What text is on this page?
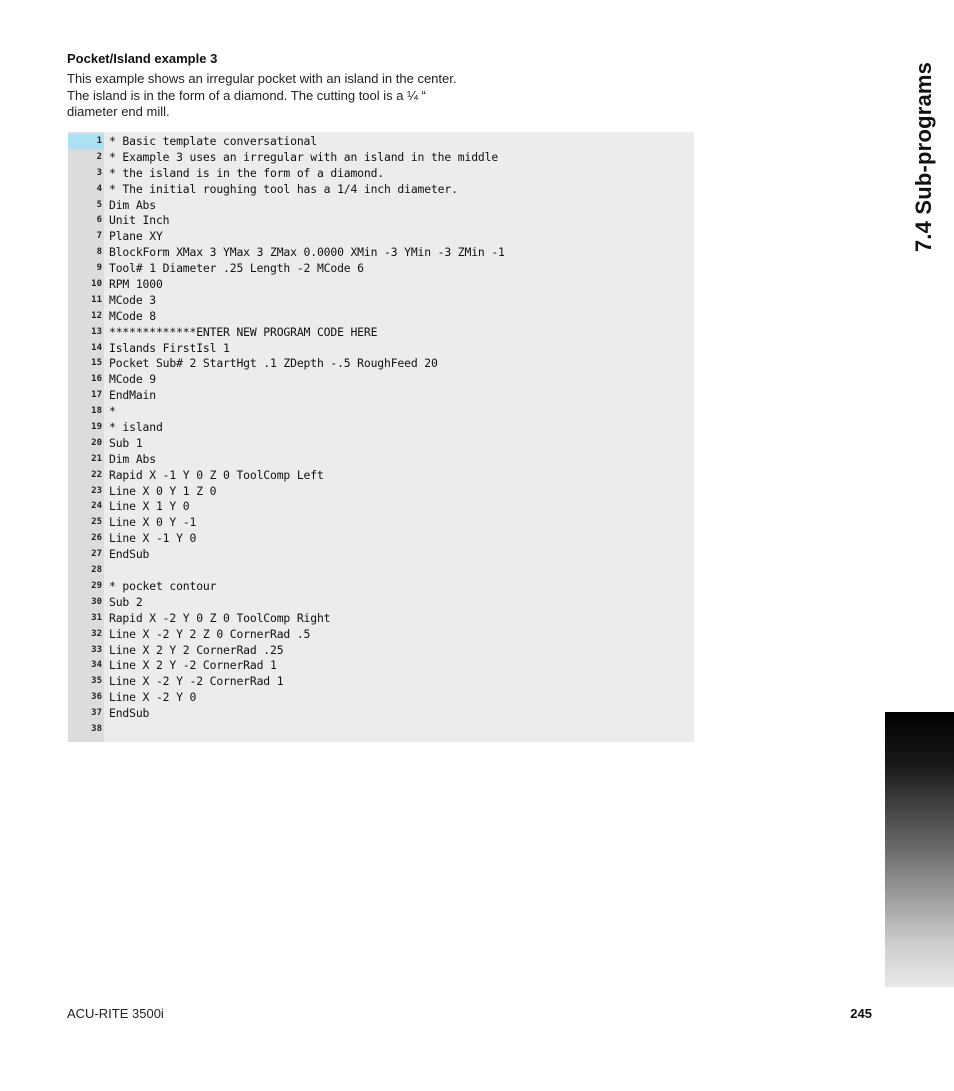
Pocket/Island example 3
This example shows an irregular pocket with an island in the center.
The island is in the form of a diamond. The cutting tool is a ¼ “
diameter end mill.
1 * Basic template conversational
2 * Example 3 uses an irregular with an island in the middle
3 * the island is in the form of a diamond.
4 * The initial roughing tool has a 1/4 inch diameter.
5 Dim Abs
6 Unit Inch
7 Plane XY
8 BlockForm XMax 3 YMax 3 ZMax 0.0000 XMin -3 YMin -3 ZMin -1
9 Tool# 1 Diameter .25 Length -2 MCode 6
10 RPM 1000
11 MCode 3
12 MCode 8
13 *************ENTER NEW PROGRAM CODE HERE
14 Islands FirstIsl 1
15 Pocket Sub# 2 StartHgt .1 ZDepth -.5 RoughFeed 20
16 MCode 9
17 EndMain
18 *
19 * island
20 Sub 1
21 Dim Abs
22 Rapid X -1 Y 0 Z 0 ToolComp Left
23 Line X 0 Y 1 Z 0
24 Line X 1 Y 0
25 Line X 0 Y -1
26 Line X -1 Y 0
27 EndSub
28
29 * pocket contour
30 Sub 2
31 Rapid X -2 Y 0 Z 0 ToolComp Right
32 Line X -2 Y 2 Z 0 CornerRad .5
33 Line X 2 Y 2 CornerRad .25
34 Line X 2 Y -2 CornerRad 1
35 Line X -2 Y -2 CornerRad 1
36 Line X -2 Y 0
37 EndSub
38
7.4 Sub-programs
ACU-RITE 3500i	245
